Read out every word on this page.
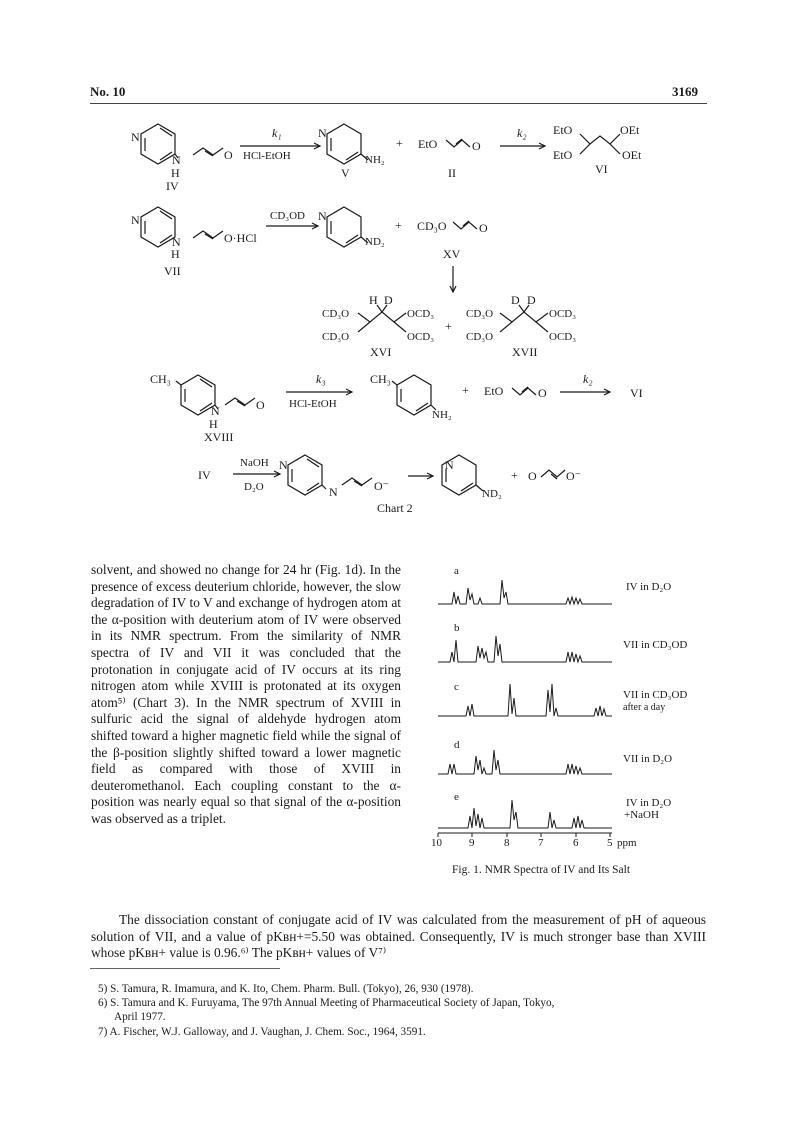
No. 10	3169
N
N	O
H
IV
k₁
HCl-EtOH
N
NH₂
V
+ EtO	O
II
k₂ EtO
EtO
OEt
OEt
VI
N
N	O·HCl
H
VII
CD₃OD N
ND₂
+ CD₃O	O
XV
H D
CD₃O
CD₃O
OCD₃
OCD₃
XVI
+
D D
CD₃O
CD₃O
OCD₃
OCD₃
XVII
CH₃
N	O
H
XVIII
k₃
HCl-EtOH
CH₃
NH₂
+ EtO	O
k₂
VI
IV
NaOH
D₂O
N
N	O⁻
N
ND₂
+ O O⁻
Chart 2

solvent, and showed no change for 24 hr (Fig. 1d). In the presence of excess deuterium chloride, however, the slow degradation of IV to V and exchange of hydrogen atom at the α-position with deuterium atom of IV were observed in its NMR spectrum. From the similarity of NMR spectra of IV and VII it was concluded that the protonation in conjugate acid of IV occurs at its ring nitrogen atom while XVIII is protonated at its oxygen atom⁵⁾ (Chart 3). In the NMR spectrum of XVIII in sulfuric acid the signal of aldehyde hydrogen atom shifted toward a higher magnetic field while the signal of the β-position slightly shifted toward a lower magnetic field as compared with those of XVIII in deuteromethanol. Each coupling constant to the α-position was nearly equal so that signal of the α-position was observed as a triplet.

a
IV in D₂O
b
VII in CD₃OD
c
VII in CD₃OD
after a day
d
VII in D₂O
e	IV in D₂O
+NaOH
10 9	8	7	6	5 ppm
Fig. 1. NMR Spectra of IV and Its Salt

The dissociation constant of conjugate acid of IV was calculated from the measurement of pH of aqueous solution of VII, and a value of pKʙʜ+=5.50 was obtained. Consequently, IV is much stronger base than XVIII whose pKʙʜ+ value is 0.96.⁶⁾ The pKʙʜ+ values of V⁷⁾

5) S. Tamura, R. Imamura, and K. Ito, Chem. Pharm. Bull. (Tokyo), 26, 930 (1978).
6) S. Tamura and K. Furuyama, The 97th Annual Meeting of Pharmaceutical Society of Japan, Tokyo,
April 1977.
7) A. Fischer, W.J. Galloway, and J. Vaughan, J. Chem. Soc., 1964, 3591.
